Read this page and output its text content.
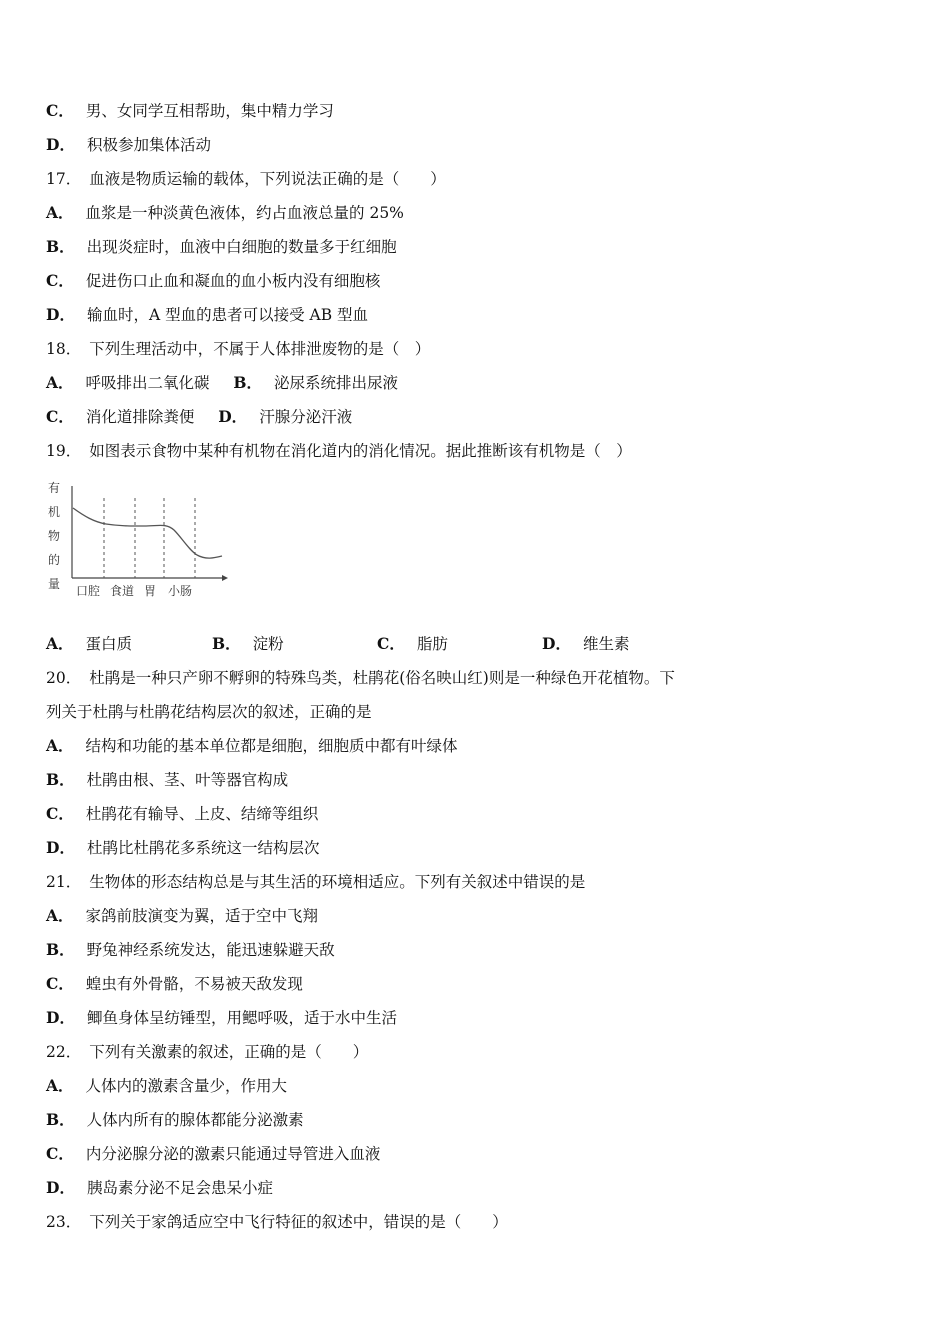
C． 男、女同学互相帮助，集中精力学习
D． 积极参加集体活动
17． 血液是物质运输的载体，下列说法正确的是（　　）
A． 血浆是一种淡黄色液体，约占血液总量的 25%
B． 出现炎症时，血液中白细胞的数量多于红细胞
C． 促进伤口止血和凝血的血小板内没有细胞核
D． 输血时，A 型血的患者可以接受 AB 型血
18． 下列生理活动中，不属于人体排泄废物的是（　）
A． 呼吸排出二氧化碳 B． 泌尿系统排出尿液
C． 消化道排除粪便 D． 汗腺分泌汗液
19． 如图表示食物中某种有机物在消化道内的消化情况。据此推断该有机物是（　）
有
机
物
的
量 口腔 食道 胃 小肠
A． 蛋白质	B． 淀粉	C． 脂肪	D． 维生素
20． 杜鹃是一种只产卵不孵卵的特殊鸟类，杜鹃花(俗名映山红)则是一种绿色开花植物。下
列关于杜鹃与杜鹃花结构层次的叙述，正确的是
A． 结构和功能的基本单位都是细胞，细胞质中都有叶绿体
B． 杜鹃由根、茎、叶等器官构成
C． 杜鹃花有输导、上皮、结缔等组织
D． 杜鹃比杜鹃花多系统这一结构层次
21． 生物体的形态结构总是与其生活的环境相适应。下列有关叙述中错误的是
A． 家鸽前肢演变为翼，适于空中飞翔
B． 野兔神经系统发达，能迅速躲避天敌
C． 蝗虫有外骨骼，不易被天敌发现
D． 鲫鱼身体呈纺锤型，用鳃呼吸，适于水中生活
22． 下列有关激素的叙述，正确的是（　　）
A． 人体内的激素含量少，作用大
B． 人体内所有的腺体都能分泌激素
C． 内分泌腺分泌的激素只能通过导管进入血液
D． 胰岛素分泌不足会患呆小症
23． 下列关于家鸽适应空中飞行特征的叙述中，错误的是（　　）
